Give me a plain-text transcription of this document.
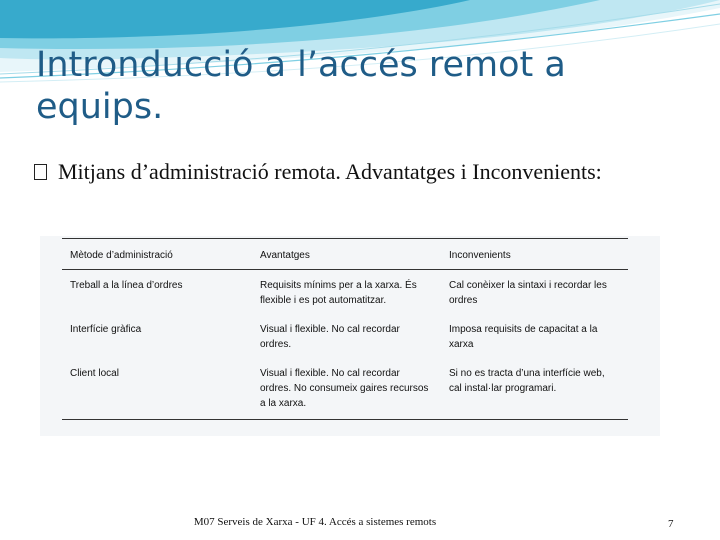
Intronducció a l’accés remot a equips.
Mitjans d’administració remota. Advantatges i Inconvenients:
Mètode d’administració	Avantatges	Inconvenients
Treball a la línea d’ordres	Requisits mínims per a la xarxa. És flexible i es pot automatitzar.	Cal conèixer la sintaxi i recordar les ordres
Interfície gràfica	Visual i flexible. No cal recordar ordres.	Imposa requisits de capacitat a la xarxa
Client local	Visual i flexible. No cal recordar ordres. No consumeix gaires recursos a la xarxa.	Si no es tracta d’una interfície web, cal instal·lar programari.
M07 Serveis de Xarxa - UF 4. Accés a sistemes remots	7
